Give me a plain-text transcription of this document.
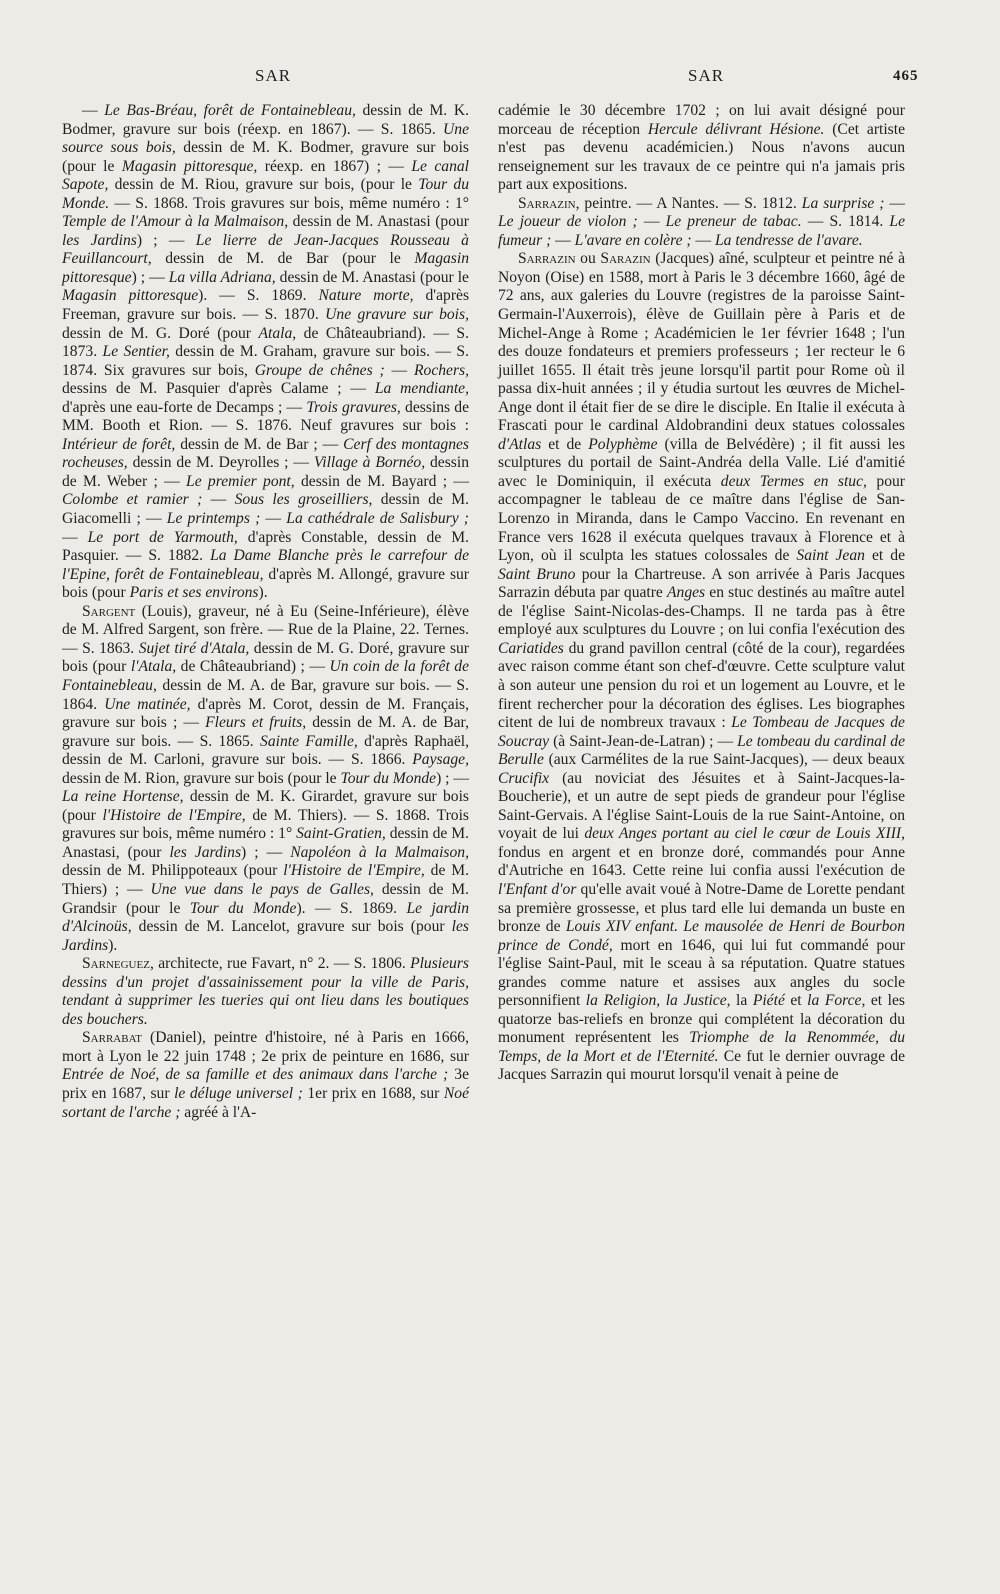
SAR	SAR	465

— Le Bas-Bréau, forêt de Fontainebleau, dessin de M. K. Bodmer, gravure sur bois (réexp. en 1867). — S. 1865. Une source sous bois, dessin de M. K. Bodmer, gravure sur bois (pour le Magasin pittoresque, réexp. en 1867) ; — Le canal Sapote, dessin de M. Riou, gravure sur bois, (pour le Tour du Monde. — S. 1868. Trois gravures sur bois, même numéro : 1° Temple de l'Amour à la Malmaison, dessin de M. Anastasi (pour les Jardins) ; — Le lierre de Jean-Jacques Rousseau à Feuillancourt, dessin de M. de Bar (pour le Magasin pittoresque) ; — La villa Adriana, dessin de M. Anastasi (pour le Magasin pittoresque). — S. 1869. Nature morte, d'après Freeman, gravure sur bois. — S. 1870. Une gravure sur bois, dessin de M. G. Doré (pour Atala, de Châteaubriand). — S. 1873. Le Sentier, dessin de M. Graham, gravure sur bois. — S. 1874. Six gravures sur bois, Groupe de chênes ; — Rochers, dessins de M. Pasquier d'après Calame ; — La mendiante, d'après une eau-forte de Decamps ; — Trois gravures, dessins de MM. Booth et Rion. — S. 1876. Neuf gravures sur bois : Intérieur de forêt, dessin de M. de Bar ; — Cerf des montagnes rocheuses, dessin de M. Deyrolles ; — Village à Bornéo, dessin de M. Weber ; — Le premier pont, dessin de M. Bayard ; — Colombe et ramier ; — Sous les groseilliers, dessin de M. Giacomelli ; — Le printemps ; — La cathédrale de Salisbury ; — Le port de Yarmouth, d'après Constable, dessin de M. Pasquier. — S. 1882. La Dame Blanche près le carrefour de l'Epine, forêt de Fontainebleau, d'après M. Allongé, gravure sur bois (pour Paris et ses environs).

Sargent (Louis), graveur, né à Eu (Seine-Inférieure), élève de M. Alfred Sargent, son frère. — Rue de la Plaine, 22. Ternes. — S. 1863. Sujet tiré d'Atala, dessin de M. G. Doré, gravure sur bois (pour l'Atala, de Châteaubriand) ; — Un coin de la forêt de Fontainebleau, dessin de M. A. de Bar, gravure sur bois. — S. 1864. Une matinée, d'après M. Corot, dessin de M. Français, gravure sur bois ; — Fleurs et fruits, dessin de M. A. de Bar, gravure sur bois. — S. 1865. Sainte Famille, d'après Raphaël, dessin de M. Carloni, gravure sur bois. — S. 1866. Paysage, dessin de M. Rion, gravure sur bois (pour le Tour du Monde) ; — La reine Hortense, dessin de M. K. Girardet, gravure sur bois (pour l'Histoire de l'Empire, de M. Thiers). — S. 1868. Trois gravures sur bois, même numéro : 1° Saint-Gratien, dessin de M. Anastasi, (pour les Jardins) ; — Napoléon à la Malmaison, dessin de M. Philippoteaux (pour l'Histoire de l'Empire, de M. Thiers) ; — Une vue dans le pays de Galles, dessin de M. Grandsir (pour le Tour du Monde). — S. 1869. Le jardin d'Alcinoüs, dessin de M. Lancelot, gravure sur bois (pour les Jardins).

Sarneguez, architecte, rue Favart, n° 2. — S. 1806. Plusieurs dessins d'un projet d'assainissement pour la ville de Paris, tendant à supprimer les tueries qui ont lieu dans les boutiques des bouchers.

Sarrabat (Daniel), peintre d'histoire, né à Paris en 1666, mort à Lyon le 22 juin 1748 ; 2e prix de peinture en 1686, sur Entrée de Noé, de sa famille et des animaux dans l'arche ; 3e prix en 1687, sur le déluge universel ; 1er prix en 1688, sur Noé sortant de l'arche ; agréé à l'A-

cadémie le 30 décembre 1702 ; on lui avait désigné pour morceau de réception Hercule délivrant Hésione. (Cet artiste n'est pas devenu académicien.) Nous n'avons aucun renseignement sur les travaux de ce peintre qui n'a jamais pris part aux expositions.

Sarrazin, peintre. — A Nantes. — S. 1812. La surprise ; — Le joueur de violon ; — Le preneur de tabac. — S. 1814. Le fumeur ; — L'avare en colère ; — La tendresse de l'avare.

Sarrazin ou Sarazin (Jacques) aîné, sculpteur et peintre né à Noyon (Oise) en 1588, mort à Paris le 3 décembre 1660, âgé de 72 ans, aux galeries du Louvre (registres de la paroisse Saint-Germain-l'Auxerrois), élève de Guillain père à Paris et de Michel-Ange à Rome ; Académicien le 1er février 1648 ; l'un des douze fondateurs et premiers professeurs ; 1er recteur le 6 juillet 1655. Il était très jeune lorsqu'il partit pour Rome où il passa dix-huit années ; il y étudia surtout les œuvres de Michel-Ange dont il était fier de se dire le disciple. En Italie il exécuta à Frascati pour le cardinal Aldobrandini deux statues colossales d'Atlas et de Polyphème (villa de Belvédère) ; il fit aussi les sculptures du portail de Saint-Andréa della Valle. Lié d'amitié avec le Dominiquin, il exécuta deux Termes en stuc, pour accompagner le tableau de ce maître dans l'église de San-Lorenzo in Miranda, dans le Campo Vaccino. En revenant en France vers 1628 il exécuta quelques travaux à Florence et à Lyon, où il sculpta les statues colossales de Saint Jean et de Saint Bruno pour la Chartreuse. A son arrivée à Paris Jacques Sarrazin débuta par quatre Anges en stuc destinés au maître autel de l'église Saint-Nicolas-des-Champs. Il ne tarda pas à être employé aux sculptures du Louvre ; on lui confia l'exécution des Cariatides du grand pavillon central (côté de la cour), regardées avec raison comme étant son chef-d'œuvre. Cette sculpture valut à son auteur une pension du roi et un logement au Louvre, et le firent rechercher pour la décoration des églises. Les biographes citent de lui de nombreux travaux : Le Tombeau de Jacques de Soucray (à Saint-Jean-de-Latran) ; — Le tombeau du cardinal de Berulle (aux Carmélites de la rue Saint-Jacques), — deux beaux Crucifix (au noviciat des Jésuites et à Saint-Jacques-la-Boucherie), et un autre de sept pieds de grandeur pour l'église Saint-Gervais. A l'église Saint-Louis de la rue Saint-Antoine, on voyait de lui deux Anges portant au ciel le cœur de Louis XIII, fondus en argent et en bronze doré, commandés pour Anne d'Autriche en 1643. Cette reine lui confia aussi l'exécution de l'Enfant d'or qu'elle avait voué à Notre-Dame de Lorette pendant sa première grossesse, et plus tard elle lui demanda un buste en bronze de Louis XIV enfant. Le mausolée de Henri de Bourbon prince de Condé, mort en 1646, qui lui fut commandé pour l'église Saint-Paul, mit le sceau à sa réputation. Quatre statues grandes comme nature et assises aux angles du socle personnifient la Religion, la Justice, la Piété et la Force, et les quatorze bas-reliefs en bronze qui complétent la décoration du monument représentent les Triomphe de la Renommée, du Temps, de la Mort et de l'Eternité. Ce fut le dernier ouvrage de Jacques Sarrazin qui mourut lorsqu'il venait à peine de
